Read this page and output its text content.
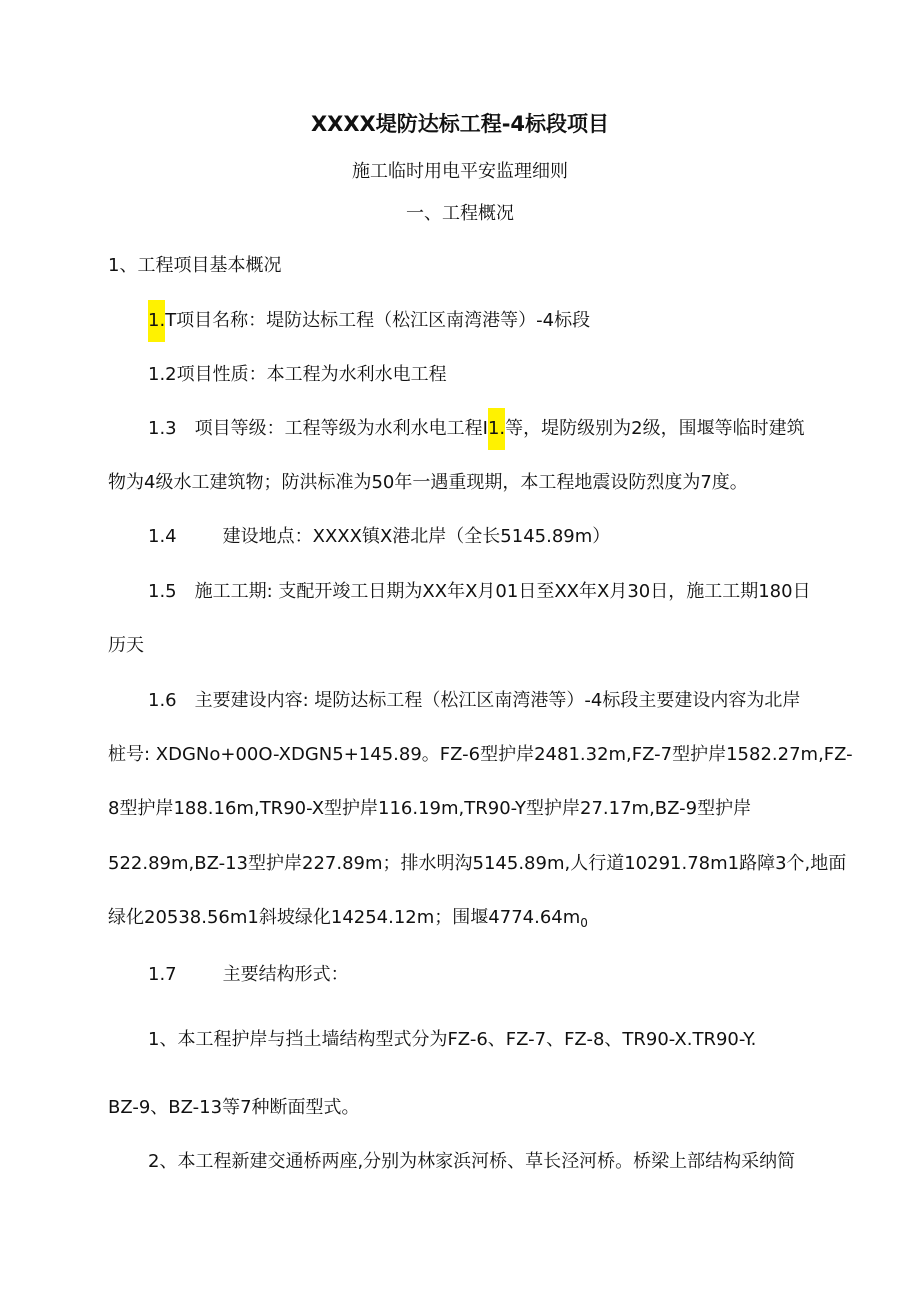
XXXX堤防达标工程-4标段项目
施工临时用电平安监理细则
一、工程概况
1、工程项目基本概况
1.T项目名称：堤防达标工程（松江区南湾港等）-4标段
1.2项目性质：本工程为水利水电工程
1.3 项目等级：工程等级为水利水电工程I1.等，堤防级别为2级，围堰等临时建筑
物为4级水工建筑物；防洪标准为50年一遇重现期，本工程地震设防烈度为7度。
1.4	建设地点：XXXX镇X港北岸（全长5145.89m）
1.5 施工工期: 支配开竣工日期为XX年X月01日至XX年X月30日，施工工期180日
历天
1.6 主要建设内容: 堤防达标工程（松江区南湾港等）-4标段主要建设内容为北岸
桩号: XDGNo+00O-XDGN5+145.89。FZ-6型护岸2481.32m,FZ-7型护岸1582.27m,FZ-
8型护岸188.16m,TR90-X型护岸116.19m,TR90-Y型护岸27.17m,BZ-9型护岸
522.89m,BZ-13型护岸227.89m；排水明沟5145.89m,人行道10291.78m1路障3个,地面
绿化20538.56m1斜坡绿化14254.12m；围堰$4774.64m_0$
1.7	主要结构形式：
1、本工程护岸与挡土墙结构型式分为FZ-6、FZ-7、FZ-8、TR90-X.TR90-Y.
BZ-9、BZ-13等7种断面型式。
2、本工程新建交通桥两座,分别为林家浜河桥、草长泾河桥。桥梁上部结构采纳简
